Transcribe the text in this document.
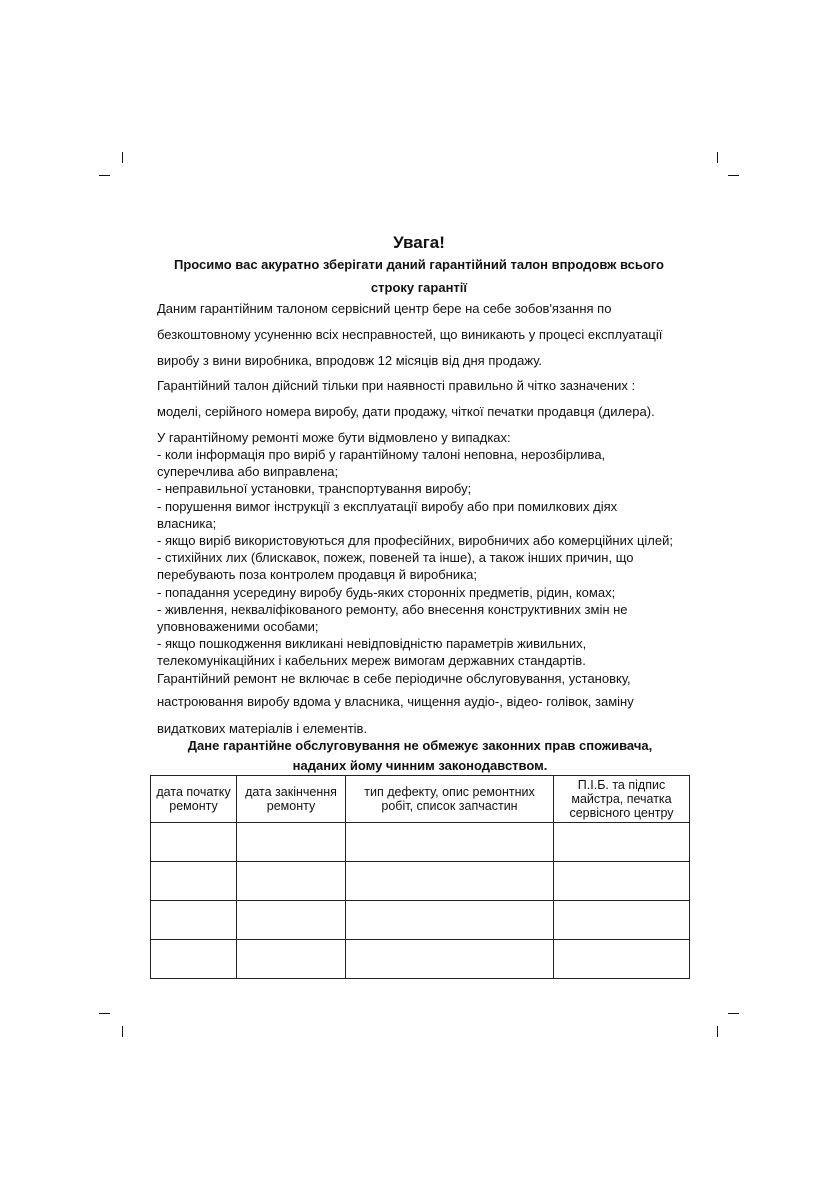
Увага!
Просимо вас акуратно зберігати даний гарантійний талон впродовж всього
строку гарантії
Даним гарантійним талоном сервісний центр бере на себе зобов'язання по
безкоштовному усуненню всіх несправностей, що виникають у процесі експлуатації
виробу з вини виробника, впродовж 12 місяців від дня продажу.
Гарантійний талон дійсний тільки при наявності правильно й чітко зазначених :
моделі, серійного номера виробу, дати продажу, чіткої печатки продавця (дилера).
У гарантійному ремонті може бути відмовлено у випадках:
- коли інформація про виріб у гарантійному талоні неповна, нерозбірлива,
суперечлива або виправлена;
- неправильної установки, транспортування виробу;
- порушення вимог інструкції з експлуатації виробу або при помилкових діях
власника;
- якщо виріб використовуються для професійних, виробничих або комерційних цілей;
- стихійних лих (блискавок, пожеж, повеней та інше), а також інших причин, що
перебувають поза контролем продавця й виробника;
- попадання усередину виробу будь-яких сторонніх предметів, рідин, комах;
- живлення, некваліфікованого ремонту, або внесення конструктивних змін не
уповноваженими особами;
- якщо пошкодження викликані невідповідністю параметрів живильних,
телекомунікаційних і кабельних мереж вимогам державних стандартів.
Гарантійний ремонт не включає в себе періодичне обслуговування, установку,
настроювання виробу вдома у власника, чищення аудіо-, відео- голівок, заміну
видаткових матеріалів і елементів.
Дане гарантійне обслуговування не обмежує законних прав споживача,
наданих йому чинним законодавством.
дата початку ремонту	дата закінчення ремонту	тип дефекту, опис ремонтних робіт, список запчастин	П.І.Б. та підпис майстра, печатка сервісного центру
